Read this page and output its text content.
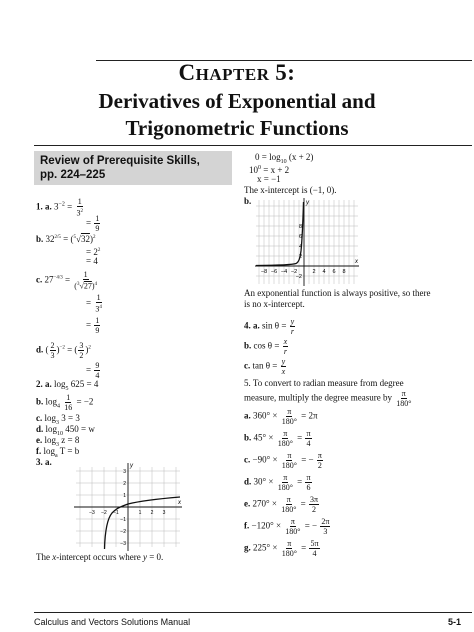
CHAPTER 5:
Derivatives of Exponential and
Trigonometric Functions
Review of Prerequisite Skills,
pp. 224–225
1. a. $3^{-2} = \frac{1}{3^2}$
= $\frac{1}{9}$
b. $32^{2/5} = (^5√32)^2$
= $2^2$
= 4
c. $27^{-4/3} = \frac{1}{(^3√27)^4}$
= $\frac{1}{3^4}$
= $\frac{1}{9}$
d. ( $\frac{2}{3} )^{-2}$ = ( $\frac{3}{2} )^2$
= $\frac{9}{4}$
2. a. $\log_5 625 = 4$
b. $\log_4 \frac{1}{16} = -2$
c. $\log_3 3 = 3$
d. $\log_{10} 450 = w$
e. $\log_3 z = 8$
f. $\log_a T = b$
3. a.
x
y
−3 −2 −1	1 2 3
3
2
1
−1
−2
−3
The x-intercept occurs where y = 0.
$0 = \log_{10} (x + 2)$
$10^0 = x + 2$
x = −1
The x-intercept is (−1, 0).
b.
x
y
−8 −6 −4 −2	2 4 6 8
8
6
4
2
−2
An exponential function is always positive, so there
is no x-intercept.
4. a. $\sin \theta = \frac{y}{r}$
b. $\cos \theta = \frac{x}{r}$
c. $\tan \theta = \frac{y}{x}$
5. To convert to radian measure from degree
measure, multiply the degree measure by $\frac{\pi}{180^\circ}$
a. $360^\circ \times \frac{\pi}{180^\circ} = 2\pi$
b. $45^\circ \times \frac{\pi}{180^\circ} = \frac{\pi}{4}$
c. $-90^\circ \times \frac{\pi}{180^\circ}$ = − $\frac{\pi}{2}$
d. $30^\circ \times \frac{\pi}{180^\circ} = \frac{\pi}{6}$
e. $270^\circ \times \frac{\pi}{180^\circ} = \frac{3\pi}{2}$
f. $-120^\circ \times \frac{\pi}{180^\circ}$ = − $\frac{2\pi}{3}$
g. $225^\circ \times \frac{\pi}{180^\circ} = \frac{5\pi}{4}$
Calculus and Vectors Solutions Manual	5-1
